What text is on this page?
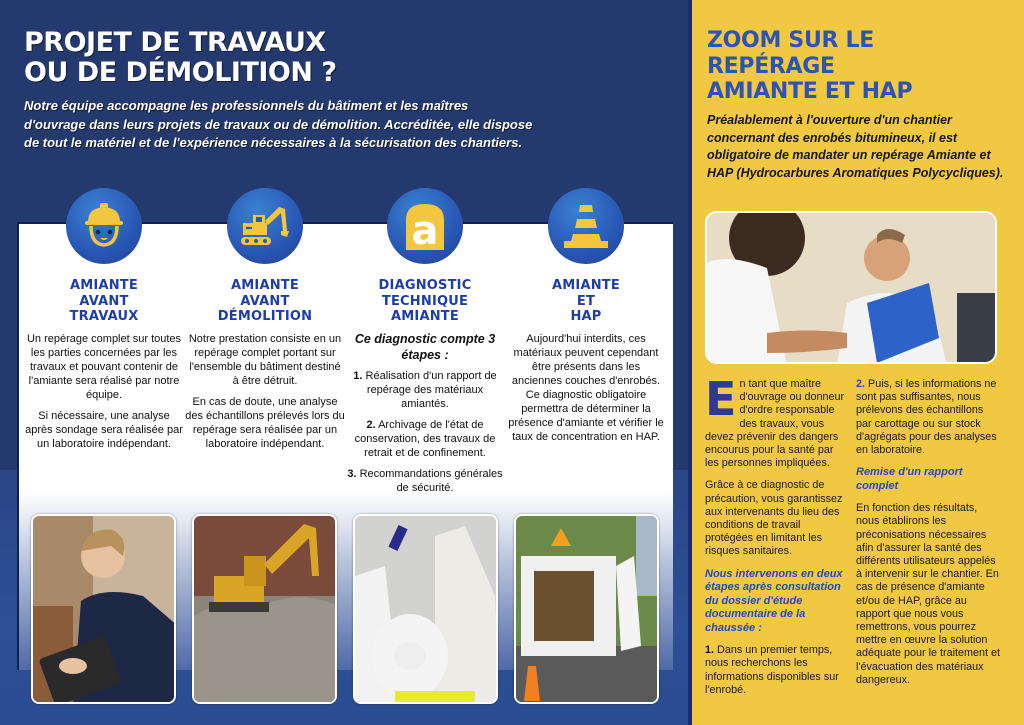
PROJET DE TRAVAUX
OU DE DÉMOLITION ?
Notre équipe accompagne les professionnels du bâtiment et les maîtres
d'ouvrage dans leurs projets de travaux ou de démolition. Accréditée, elle dispose
de tout le matériel et de l'expérience nécessaires à la sécurisation des chantiers.
a
AMIANTE
AVANT
TRAVAUX
AMIANTE
AVANT
DÉMOLITION
DIAGNOSTIC
TECHNIQUE
AMIANTE
AMIANTE
ET
HAP

Un repérage complet sur toutes les parties concernées par les travaux et pouvant contenir de l'amiante sera réalisé par notre équipe.

Si nécessaire, une analyse après sondage sera réalisée par un laboratoire indépendant.

Notre prestation consiste en un repérage complet portant sur l'ensemble du bâtiment destiné à être détruit.

En cas de doute, une analyse des échantillons prélevés lors du repérage sera réalisée par un laboratoire indépendant.

Ce diagnostic compte 3 étapes :

1. Réalisation d'un rapport de repérage des matériaux amiantés.

2. Archivage de l'état de conservation, des travaux de retrait et de confinement.

3. Recommandations générales de sécurité.

Aujourd'hui interdits, ces matériaux peuvent cependant être présents dans les anciennes couches d'enrobés. Ce diagnostic obligatoire permettra de déterminer la présence d'amiante et vérifier le taux de concentration en HAP.

ZOOM SUR LE
REPÉRAGE
AMIANTE ET HAP
Préalablement à l'ouverture d'un chantier concernant des enrobés bitumineux, il est obligatoire de mandater un repérage Amiante et HAP (Hydrocarbures Aromatiques Polycycliques).

En tant que maître d'ouvrage ou donneur d'ordre responsable des travaux, vous devez prévenir des dangers encourus pour la santé par les personnes impliquées.

Grâce à ce diagnostic de précaution, vous garantissez aux intervenants du lieu des conditions de travail protégées en limitant les risques sanitaires.

Nous intervenons en deux étapes après consultation du dossier d'étude documentaire de la chaussée :

1. Dans un premier temps, nous recherchons les informations disponibles sur l'enrobé.

2. Puis, si les informations ne sont pas suffisantes, nous prélevons des échantillons par carottage ou sur stock d'agrégats pour des analyses en laboratoire.

Remise d'un rapport complet

En fonction des résultats, nous établirons les préconisations nécessaires afin d'assurer la santé des différents utilisateurs appelés à intervenir sur le chantier. En cas de présence d'amiante et/ou de HAP, grâce au rapport que nous vous remettrons, vous pourrez mettre en œuvre la solution adéquate pour le traitement et l'évacuation des matériaux dangereux.
